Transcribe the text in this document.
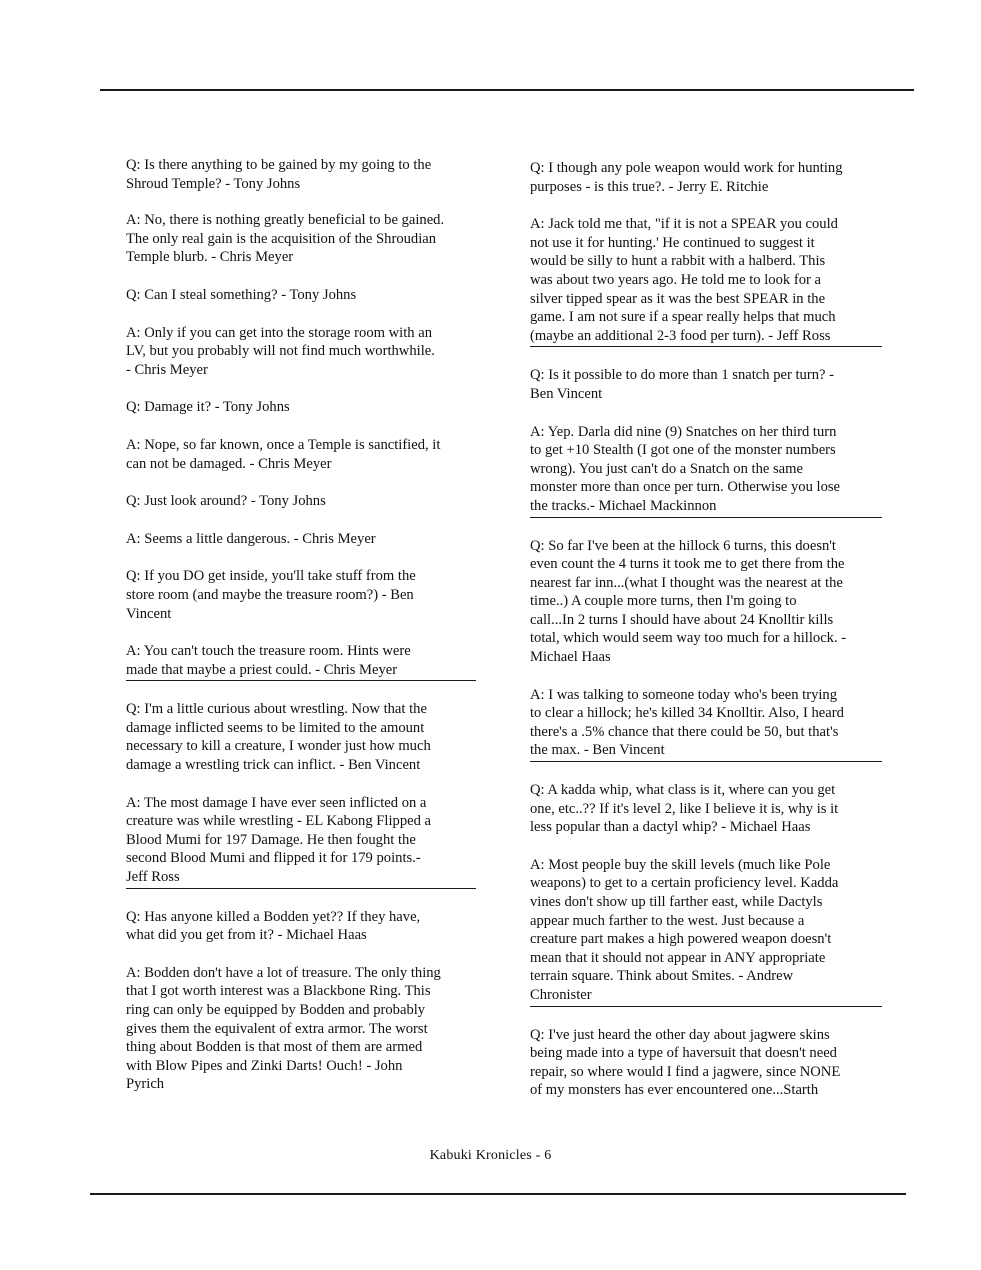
Q: Is there anything to be gained by my going to the
Shroud Temple? - Tony Johns
A: No, there is nothing greatly beneficial to be gained.
The only real gain is the acquisition of the Shroudian
Temple blurb. - Chris Meyer
Q: Can I steal something? - Tony Johns
A: Only if you can get into the storage room with an
LV, but you probably will not find much worthwhile.
- Chris Meyer
Q: Damage it? - Tony Johns
A: Nope, so far known, once a Temple is sanctified, it
can not be damaged. - Chris Meyer
Q: Just look around? - Tony Johns
A: Seems a little dangerous. - Chris Meyer
Q: If you DO get inside, you'll take stuff from the
store room (and maybe the treasure room?) - Ben
Vincent
A: You can't touch the treasure room. Hints were
made that maybe a priest could. - Chris Meyer
Q: I'm a little curious about wrestling. Now that the
damage inflicted seems to be limited to the amount
necessary to kill a creature, I wonder just how much
damage a wrestling trick can inflict. - Ben Vincent
A: The most damage I have ever seen inflicted on a
creature was while wrestling - EL Kabong Flipped a
Blood Mumi for 197 Damage. He then fought the
second Blood Mumi and flipped it for 179 points.-
Jeff Ross
Q: Has anyone killed a Bodden yet?? If they have,
what did you get from it? - Michael Haas
A: Bodden don't have a lot of treasure. The only thing
that I got worth interest was a Blackbone Ring. This
ring can only be equipped by Bodden and probably
gives them the equivalent of extra armor. The worst
thing about Bodden is that most of them are armed
with Blow Pipes and Zinki Darts! Ouch! - John
Pyrich
Q: I though any pole weapon would work for hunting
purposes - is this true?. - Jerry E. Ritchie
A: Jack told me that, "if it is not a SPEAR you could
not use it for hunting.' He continued to suggest it
would be silly to hunt a rabbit with a halberd. This
was about two years ago. He told me to look for a
silver tipped spear as it was the best SPEAR in the
game. I am not sure if a spear really helps that much
(maybe an additional 2-3 food per turn). - Jeff Ross
Q: Is it possible to do more than 1 snatch per turn? -
Ben Vincent
A: Yep. Darla did nine (9) Snatches on her third turn
to get +10 Stealth (I got one of the monster numbers
wrong). You just can't do a Snatch on the same
monster more than once per turn. Otherwise you lose
the tracks.- Michael Mackinnon
Q: So far I've been at the hillock 6 turns, this doesn't
even count the 4 turns it took me to get there from the
nearest far inn...(what I thought was the nearest at the
time..) A couple more turns, then I'm going to
call...In 2 turns I should have about 24 Knolltir kills
total, which would seem way too much for a hillock. -
Michael Haas
A: I was talking to someone today who's been trying
to clear a hillock; he's killed 34 Knolltir. Also, I heard
there's a .5% chance that there could be 50, but that's
the max. - Ben Vincent
Q: A kadda whip, what class is it, where can you get
one, etc..?? If it's level 2, like I believe it is, why is it
less popular than a dactyl whip? - Michael Haas
A: Most people buy the skill levels (much like Pole
weapons) to get to a certain proficiency level. Kadda
vines don't show up till farther east, while Dactyls
appear much farther to the west. Just because a
creature part makes a high powered weapon doesn't
mean that it should not appear in ANY appropriate
terrain square. Think about Smites. - Andrew
Chronister
Q: I've just heard the other day about jagwere skins
being made into a type of haversuit that doesn't need
repair, so where would I find a jagwere, since NONE
of my monsters has ever encountered one...Starth
Kabuki Kronicles - 6
